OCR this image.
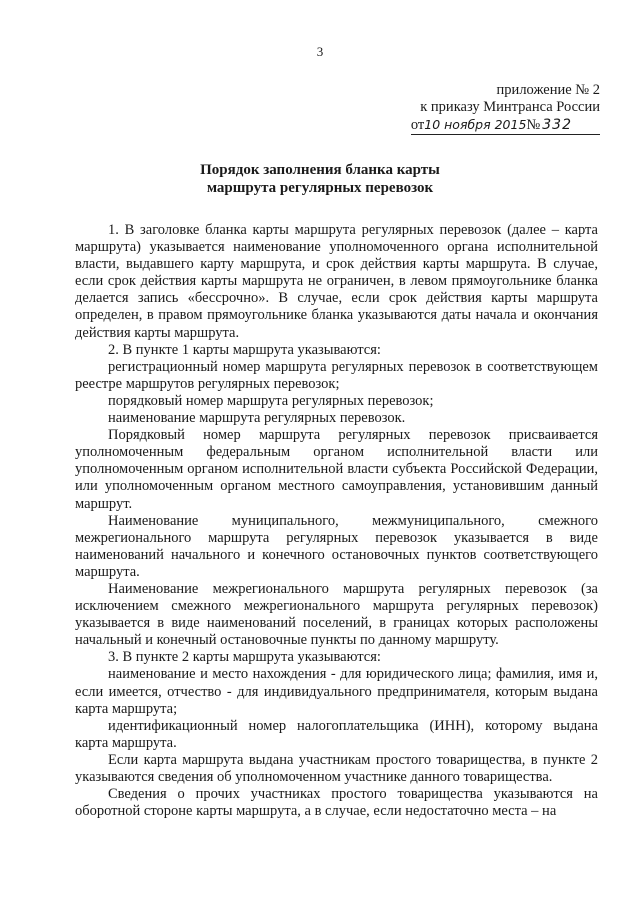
3
приложение № 2
к приказу Минтранса России
от 10 ноября 2015 № 332
Порядок заполнения бланка карты
маршрута регулярных перевозок

1. В заголовке бланка карты маршрута регулярных перевозок (далее – карта маршрута) указывается наименование уполномоченного органа исполнительной власти, выдавшего карту маршрута, и срок действия карты маршрута. В случае, если срок действия карты маршрута не ограничен, в левом прямоугольнике бланка делается запись «бессрочно». В случае, если срок действия карты маршрута определен, в правом прямоугольнике бланка указываются даты начала и окончания действия карты маршрута.

2. В пункте 1 карты маршрута указываются:

регистрационный номер маршрута регулярных перевозок в соответствующем реестре маршрутов регулярных перевозок;

порядковый номер маршрута регулярных перевозок;

наименование маршрута регулярных перевозок.

Порядковый номер маршрута регулярных перевозок присваивается уполномоченным федеральным органом исполнительной власти или уполномоченным органом исполнительной власти субъекта Российской Федерации, или уполномоченным органом местного самоуправления, установившим данный маршрут.

Наименование муниципального, межмуниципального, смежного межрегионального маршрута регулярных перевозок указывается в виде наименований начального и конечного остановочных пунктов соответствующего маршрута.

Наименование межрегионального маршрута регулярных перевозок (за исключением смежного межрегионального маршрута регулярных перевозок) указывается в виде наименований поселений, в границах которых расположены начальный и конечный остановочные пункты по данному маршруту.

3. В пункте 2 карты маршрута указываются:

наименование и место нахождения - для юридического лица; фамилия, имя и, если имеется, отчество - для индивидуального предпринимателя, которым выдана карта маршрута;

идентификационный номер налогоплательщика (ИНН), которому выдана карта маршрута.

Если карта маршрута выдана участникам простого товарищества, в пункте 2 указываются сведения об уполномоченном участнике данного товарищества.

Сведения о прочих участниках простого товарищества указываются на оборотной стороне карты маршрута, а в случае, если недостаточно места – на
